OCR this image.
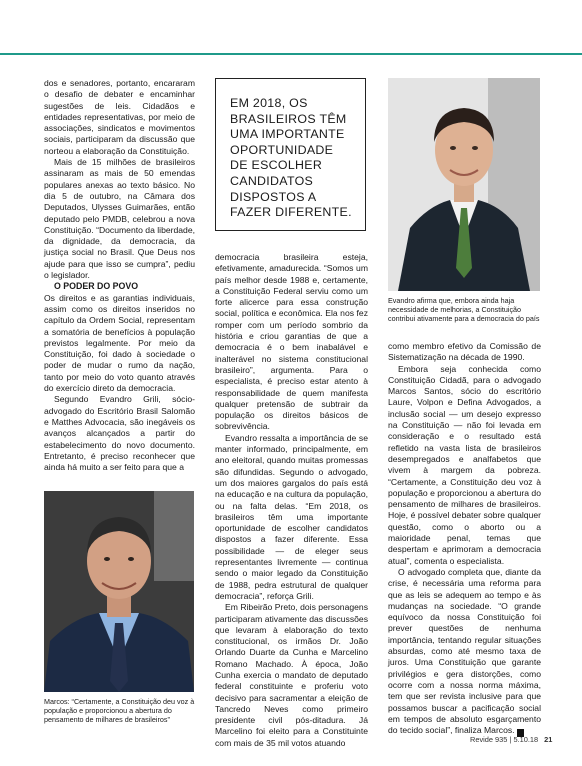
dos e senadores, portanto, encararam o desafio de debater e encaminhar sugestões de leis. Cidadãos e entidades representativas, por meio de associações, sindicatos e movimentos sociais, participaram da discussão que norteou a elaboração da Constituição.

Mais de 15 milhões de brasileiros assinaram as mais de 50 emendas populares anexas ao texto básico. No dia 5 de outubro, na Câmara dos Deputados, Ulysses Guimarães, então deputado pelo PMDB, celebrou a nova Constituição. “Documento da liberdade, da dignidade, da democracia, da justiça social no Brasil. Que Deus nos ajude para que isso se cumpra”, pediu o legislador.

O PODER DO POVO

Os direitos e as garantias individuais, assim como os direitos inseridos no capítulo da Ordem Social, representam a somatória de benefícios à população previstos legalmente. Por meio da Constituição, foi dado à sociedade o poder de mudar o rumo da nação, tanto por meio do voto quanto através do exercício direto da democracia.

Segundo Evandro Grili, sócio-advogado do Escritório Brasil Salomão e Matthes Advocacia, são inegáveis os avanços alcançados a partir do estabelecimento do novo documento. Entretanto, é preciso reconhecer que ainda há muito a ser feito para que a

EM 2018, OS BRASILEIROS TÊM UMA IMPORTANTE OPORTUNIDADE DE ESCOLHER CANDIDATOS DISPOSTOS A FAZER DIFERENTE.

democracia brasileira esteja, efetivamente, amadurecida. “Somos um país melhor desde 1988 e, certamente, a Constituição Federal serviu como um forte alicerce para essa construção social, política e econômica. Ela nos fez romper com um período sombrio da história e criou garantias de que a democracia é o bem inabalável e inalterável no sistema constitucional brasileiro”, argumenta. Para o especialista, é preciso estar atento à responsabilidade de quem manifesta qualquer pretensão de subtrair da população os direitos básicos de sobrevivência.

Evandro ressalta a importância de se manter informado, principalmente, em ano eleitoral, quando muitas promessas são difundidas. Segundo o advogado, um dos maiores gargalos do país está na educação e na cultura da população, ou na falta delas. “Em 2018, os brasileiros têm uma importante oportunidade de escolher candidatos dispostos a fazer diferente. Essa possibilidade — de eleger seus representantes livremente — continua sendo o maior legado da Constituição de 1988, pedra estrutural de qualquer democracia”, reforça Grili.

Em Ribeirão Preto, dois personagens participaram ativamente das discussões que levaram à elaboração do texto constitucional, os irmãos Dr. João Orlando Duarte da Cunha e Marcelino Romano Machado. À época, João Cunha exercia o mandato de deputado federal constituinte e proferiu voto decisivo para sacramentar a eleição de Tancredo Neves como primeiro presidente civil pós-ditadura. Já Marcelino foi eleito para a Constituinte com mais de 35 mil votos atuando

Evandro afirma que, embora ainda haja necessidade de melhorias, a Constituição contribui ativamente para a democracia do país

como membro efetivo da Comissão de Sistematização na década de 1990.

Embora seja conhecida como Constituição Cidadã, para o advogado Marcos Santos, sócio do escritório Laure, Volpon e Defina Advogados, a inclusão social — um desejo expresso na Constituição — não foi levada em consideração e o resultado está refletido na vasta lista de brasileiros desempregados e analfabetos que vivem à margem da pobreza. “Certamente, a Constituição deu voz à população e proporcionou a abertura do pensamento de milhares de brasileiros. Hoje, é possível debater sobre qualquer questão, como o aborto ou a maioridade penal, temas que despertam e aprimoram a democracia atual”, comenta o especialista.

O advogado completa que, diante da crise, é necessária uma reforma para que as leis se adequem ao tempo e às mudanças na sociedade. “O grande equívoco da nossa Constituição foi prever questões de nenhuma importância, tentando regular situações absurdas, como até mesmo taxa de juros. Uma Constituição que garante privilégios e gera distorções, como ocorre com a nossa norma máxima, tem que ser revista inclusive para que possamos buscar a pacificação social em tempos de absoluto esgarçamento do tecido social”, finaliza Marcos. R

Marcos: “Certamente, a Constituição deu voz à população e proporcionou a abertura do pensamento de milhares de brasileiros”
Revide 935 | 5.10.18 21
